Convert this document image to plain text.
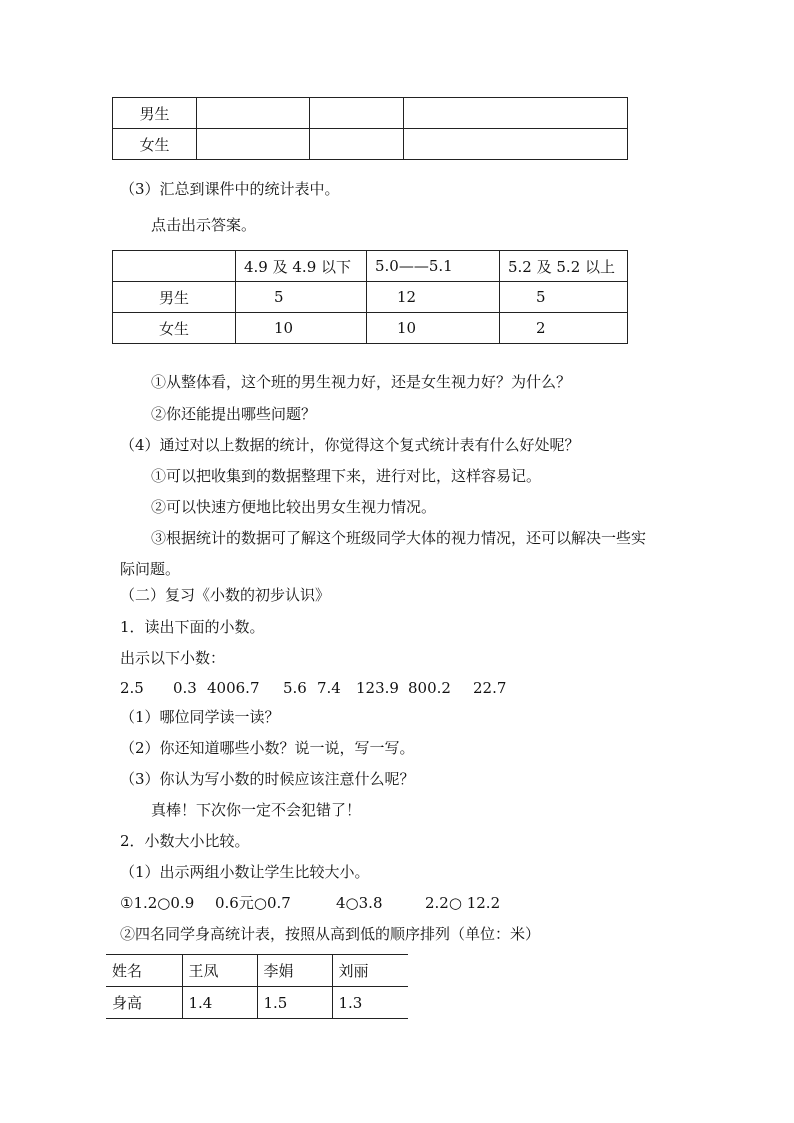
男生			
女生			
（3）汇总到课件中的统计表中。
点击出示答案。
	4.9 及 4.9 以下	5.0——5.1	5.2 及 5.2 以上
男生	5	12	5
女生	10	10	2
①从整体看，这个班的男生视力好，还是女生视力好？为什么？
②你还能提出哪些问题？
（4）通过对以上数据的统计，你觉得这个复式统计表有什么好处呢？
①可以把收集到的数据整理下来，进行对比，这样容易记。
②可以快速方便地比较出男女生视力情况。
③根据统计的数据可了解这个班级同学大体的视力情况，还可以解决一些实
际问题。
（二）复习《小数的初步认识》
1．读出下面的小数。
出示以下小数：
2.5 0.3 4006.7 5.6 7.4 123.9 800.2 22.7
（1）哪位同学读一读？
（2）你还知道哪些小数？说一说，写一写。
（3）你认为写小数的时候应该注意什么呢？
真棒！下次你一定不会犯错了！
2．小数大小比较。
（1）出示两组小数让学生比较大小。
①1.2○0.9 0.6元○0.7	4○3.8	2.2○ 12.2
②四名同学身高统计表，按照从高到低的顺序排列（单位：米）
姓名	王凤	李娟	刘丽
身高	1.4	1.5	1.3
